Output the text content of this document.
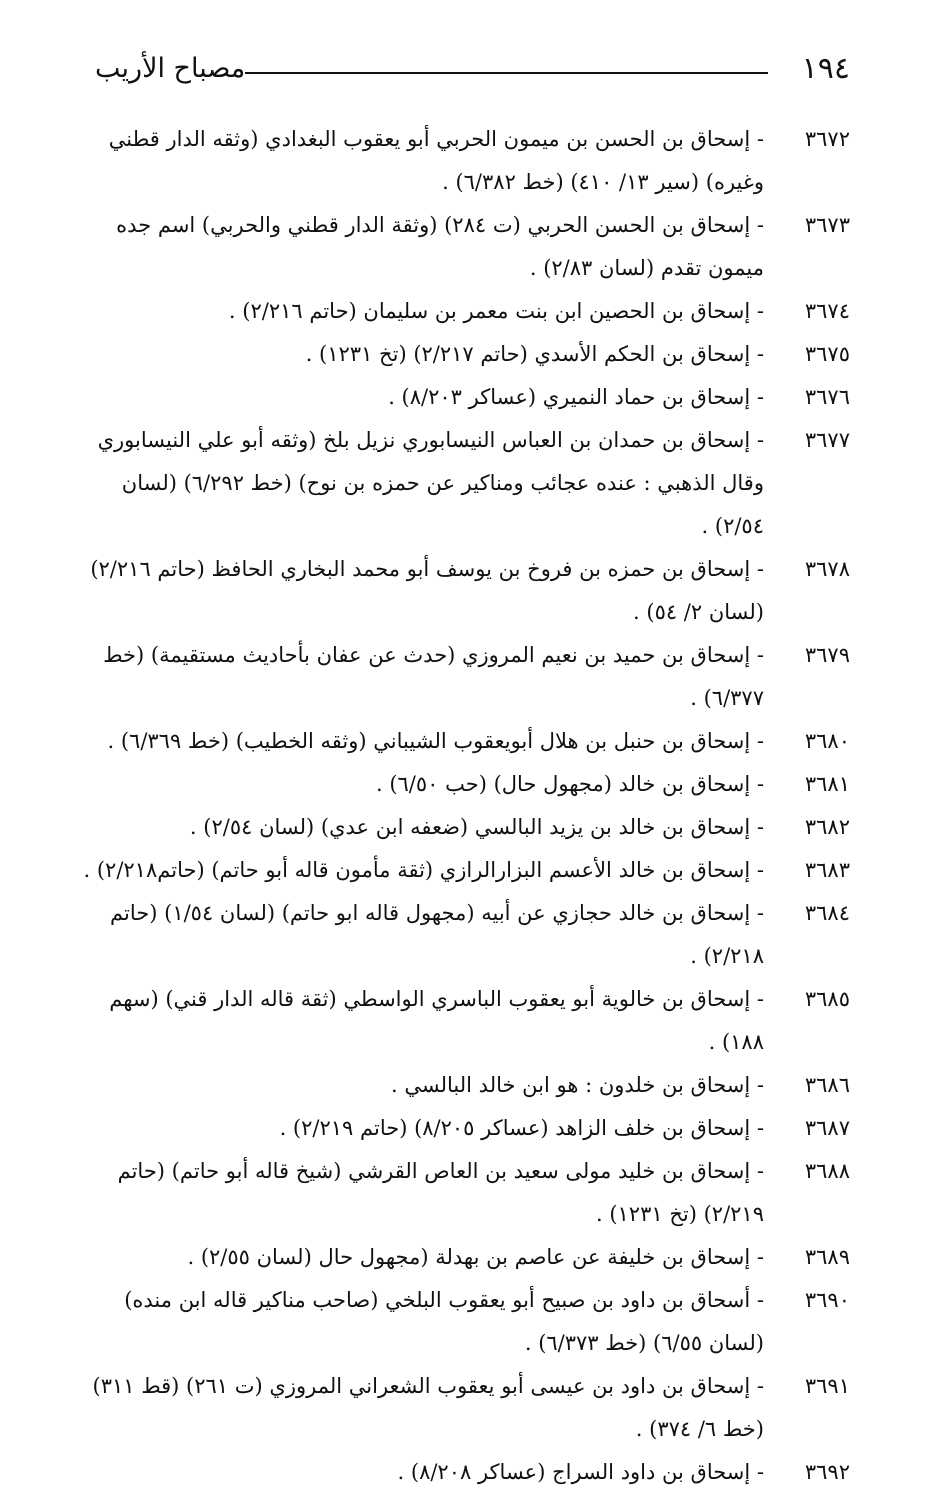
١٩٤
مصباح الأريب

٣٦٧٢
- إسحاق بن الحسن بن ميمون الحربي أبو يعقوب البغدادي (وثقه الدار قطني وغيره) (سير ١٣/ ٤١٠) (خط ٦/٣٨٢) .

٣٦٧٣
- إسحاق بن الحسن الحربي (ت ٢٨٤) (وثقة الدار قطني والحربي) اسم جده ميمون تقدم (لسان ٢/٨٣) .

٣٦٧٤
- إسحاق بن الحصين ابن بنت معمر بن سليمان (حاتم ٢/٢١٦) .

٣٦٧٥
- إسحاق بن الحكم الأسدي (حاتم ٢/٢١٧) (تخ ١٢٣١) .

٣٦٧٦
- إسحاق بن حماد النميري (عساكر ٨/٢٠٣) .

٣٦٧٧
- إسحاق بن حمدان بن العباس النيسابوري نزيل بلخ (وثقه أبو علي النيسابوري وقال الذهبي : عنده عجائب ومناكير عن حمزه بن نوح) (خط ٦/٢٩٢) (لسان ٢/٥٤) .

٣٦٧٨
- إسحاق بن حمزه بن فروخ بن يوسف أبو محمد البخاري الحافظ (حاتم ٢/٢١٦) (لسان ٢/ ٥٤) .

٣٦٧٩
- إسحاق بن حميد بن نعيم المروزي (حدث عن عفان بأحاديث مستقيمة) (خط ٦/٣٧٧) .

٣٦٨٠
- إسحاق بن حنبل بن هلال أبويعقوب الشيباني (وثقه الخطيب) (خط ٦/٣٦٩) .

٣٦٨١
- إسحاق بن خالد (مجهول حال) (حب ٦/٥٠) .

٣٦٨٢
- إسحاق بن خالد بن يزيد البالسي (ضعفه ابن عدي) (لسان ٢/٥٤) .

٣٦٨٣
- إسحاق بن خالد الأعسم البزارالرازي (ثقة مأمون قاله أبو حاتم) (حاتم٢/٢١٨) .

٣٦٨٤
- إسحاق بن خالد حجازي عن أبيه (مجهول قاله ابو حاتم) (لسان ١/٥٤) (حاتم ٢/٢١٨) .

٣٦٨٥
- إسحاق بن خالوية أبو يعقوب الباسري الواسطي (ثقة قاله الدار قني) (سهم ١٨٨) .

٣٦٨٦
- إسحاق بن خلدون : هو ابن خالد البالسي .

٣٦٨٧
- إسحاق بن خلف الزاهد (عساكر ٨/٢٠٥) (حاتم ٢/٢١٩) .

٣٦٨٨
- إسحاق بن خليد مولى سعيد بن العاص القرشي (شيخ قاله أبو حاتم) (حاتم ٢/٢١٩) (تخ ١٢٣١) .

٣٦٨٩
- إسحاق بن خليفة عن عاصم بن بهدلة (مجهول حال (لسان ٢/٥٥) .

٣٦٩٠
- أسحاق بن داود بن صبيح أبو يعقوب البلخي (صاحب مناكير قاله ابن منده) (لسان ٦/٥٥) (خط ٦/٣٧٣) .

٣٦٩١
- إسحاق بن داود بن عيسى أبو يعقوب الشعراني المروزي (ت ٢٦١) (قط ٣١١) (خط ٦/ ٣٧٤) .

٣٦٩٢
- إسحاق بن داود السراج (عساكر ٨/٢٠٨) .
